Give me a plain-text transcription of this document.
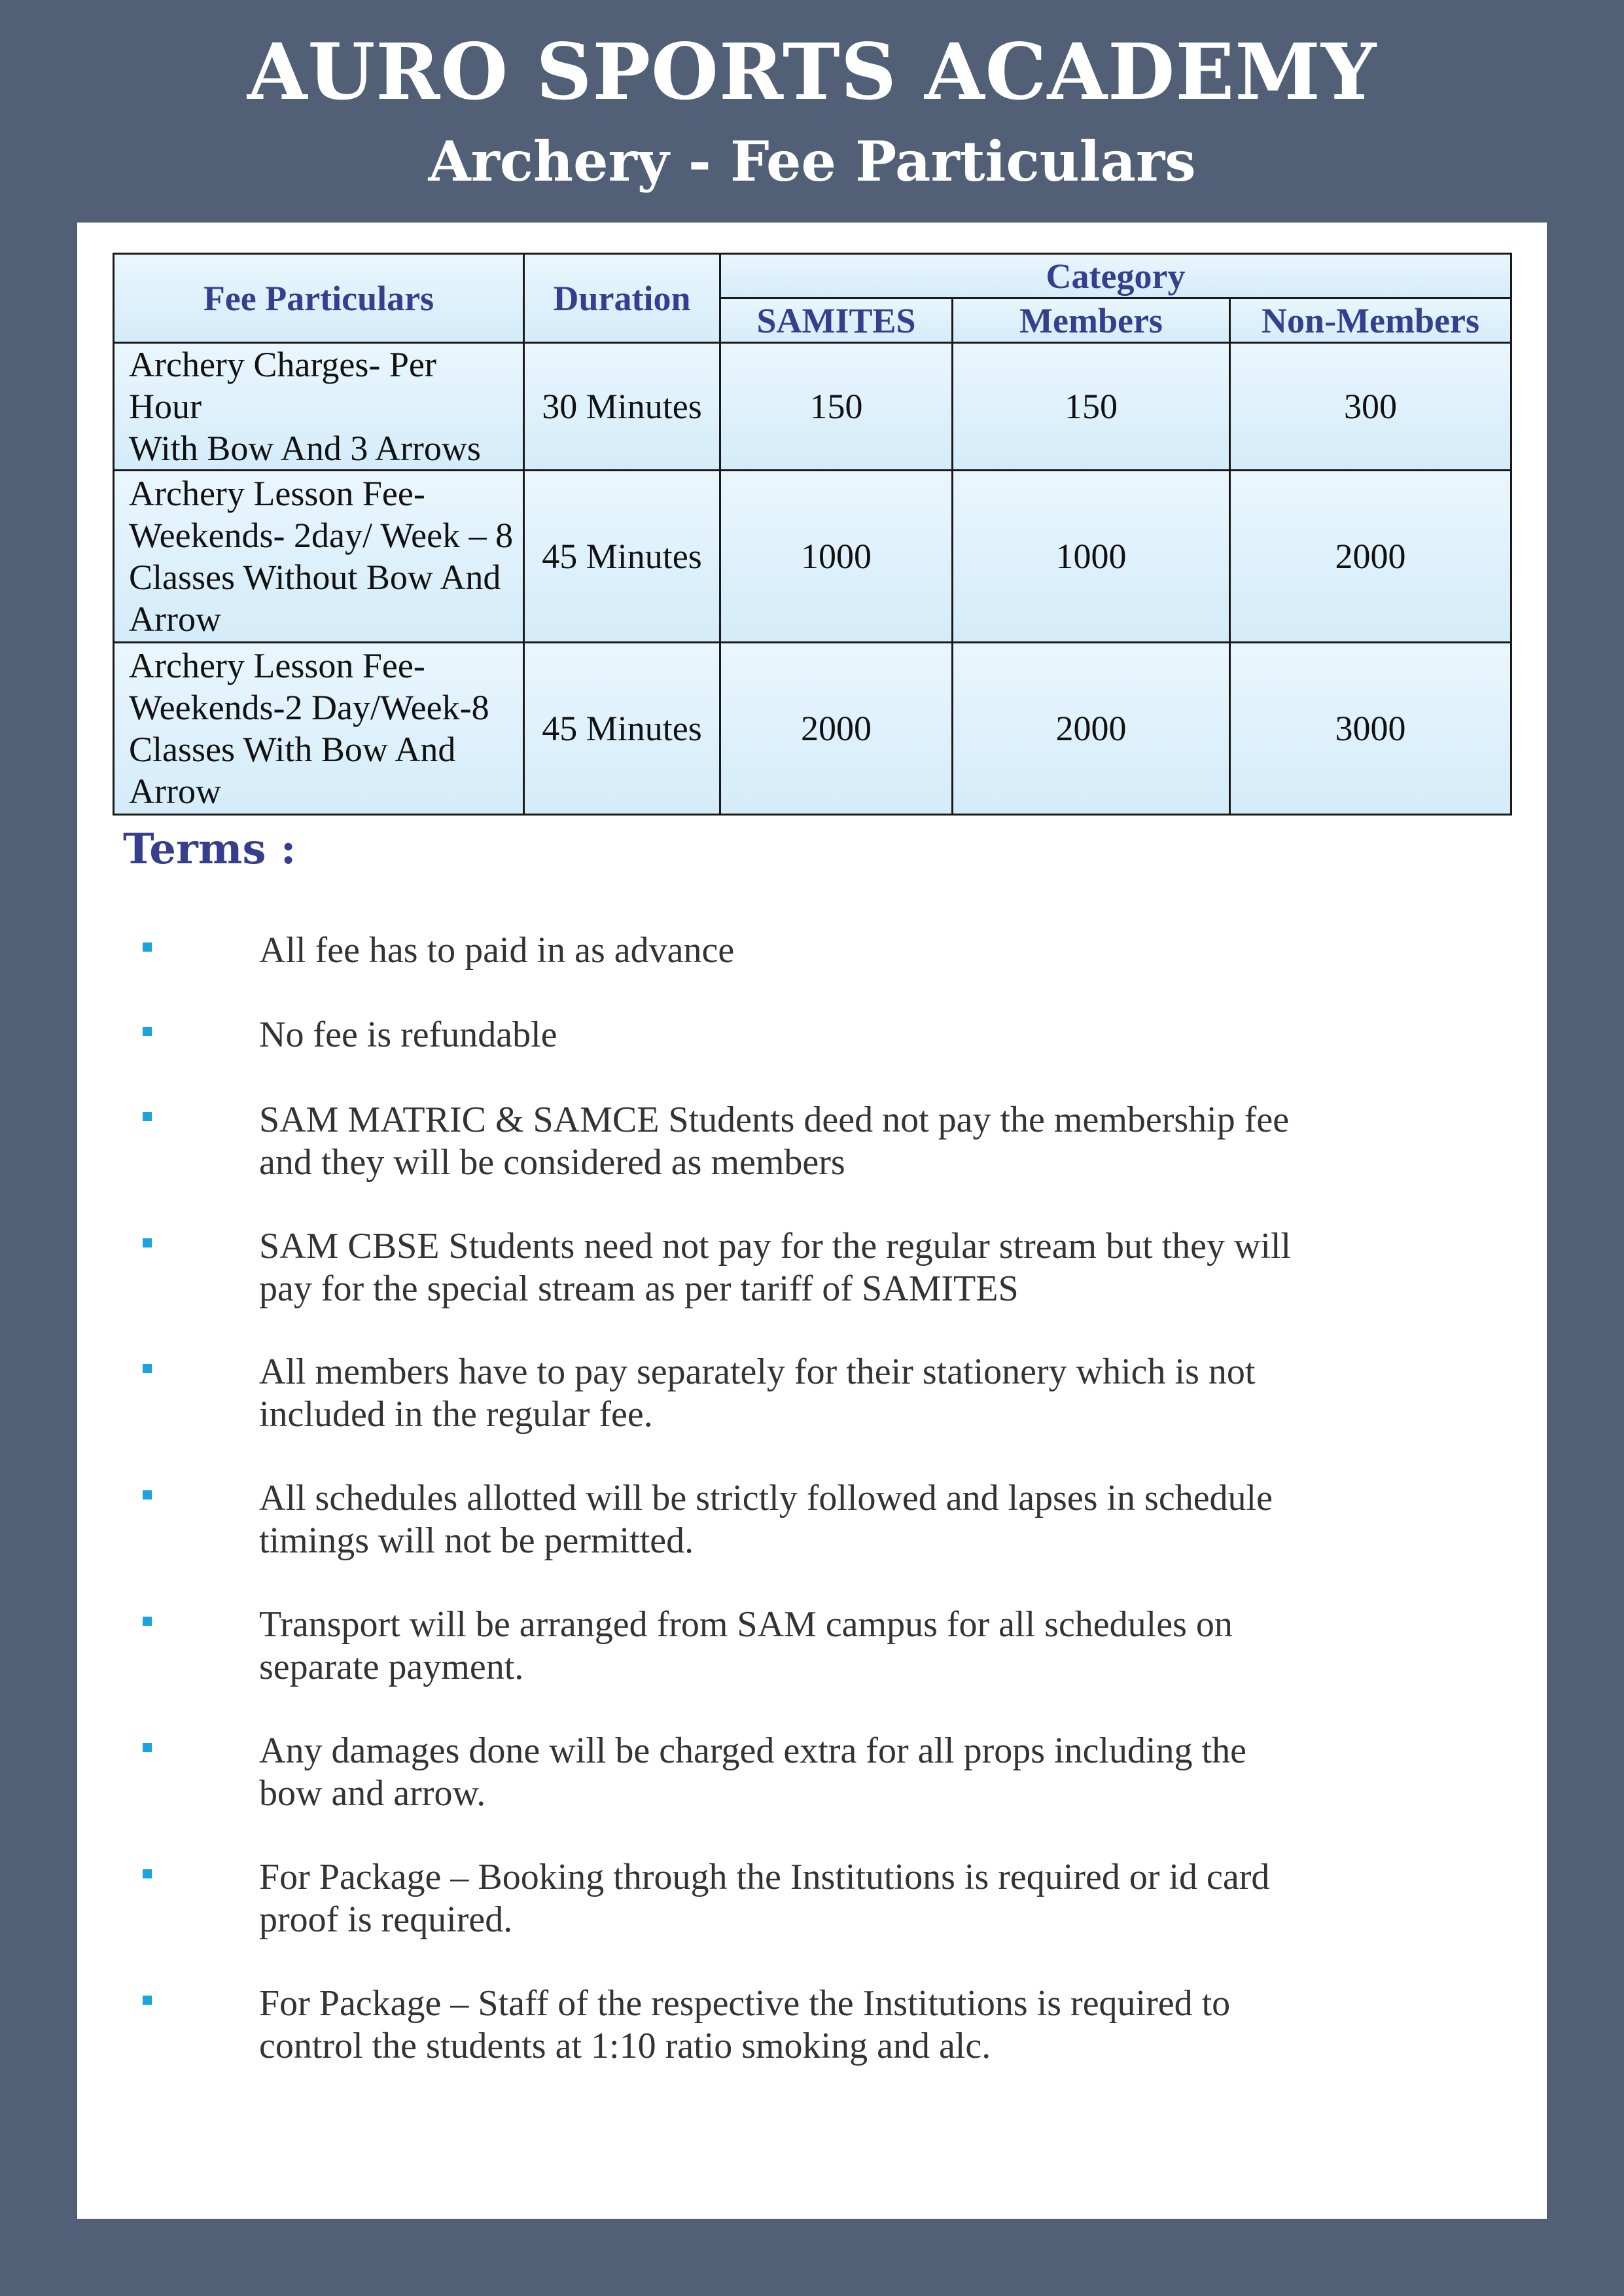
AURO SPORTS ACADEMY
Archery - Fee Particulars
Fee Particulars	Duration	Category		
		SAMITES	Members	Non-Members

Archery Charges- Per Hour
With Bow And 3 Arrows	30 Minutes	150	150	300

Archery Lesson Fee-
Weekends- 2day/ Week – 8
Classes Without Bow And
Arrow	45 Minutes	1000	1000	2000

Archery Lesson Fee-
Weekends-2 Day/Week-8
Classes With Bow And
Arrow	45 Minutes	2000	2000	3000
Terms :
All fee has to paid in as advance
No fee is refundable
SAM MATRIC & SAMCE Students deed not pay the membership fee
and they will be considered as members
SAM CBSE Students need not pay for the regular stream but they will
pay for the special stream as per tariff of SAMITES
All members have to pay separately for their stationery which is not
included in the regular fee.
All schedules allotted will be strictly followed and lapses in schedule
timings will not be permitted.
Transport will be arranged from SAM campus for all schedules on
separate payment.
Any damages done will be charged extra for all props including the
bow and arrow.
For Package – Booking through the Institutions is required or id card
proof is required.
For Package – Staff of the respective the Institutions is required to
control the students at 1:10 ratio smoking and alc.
